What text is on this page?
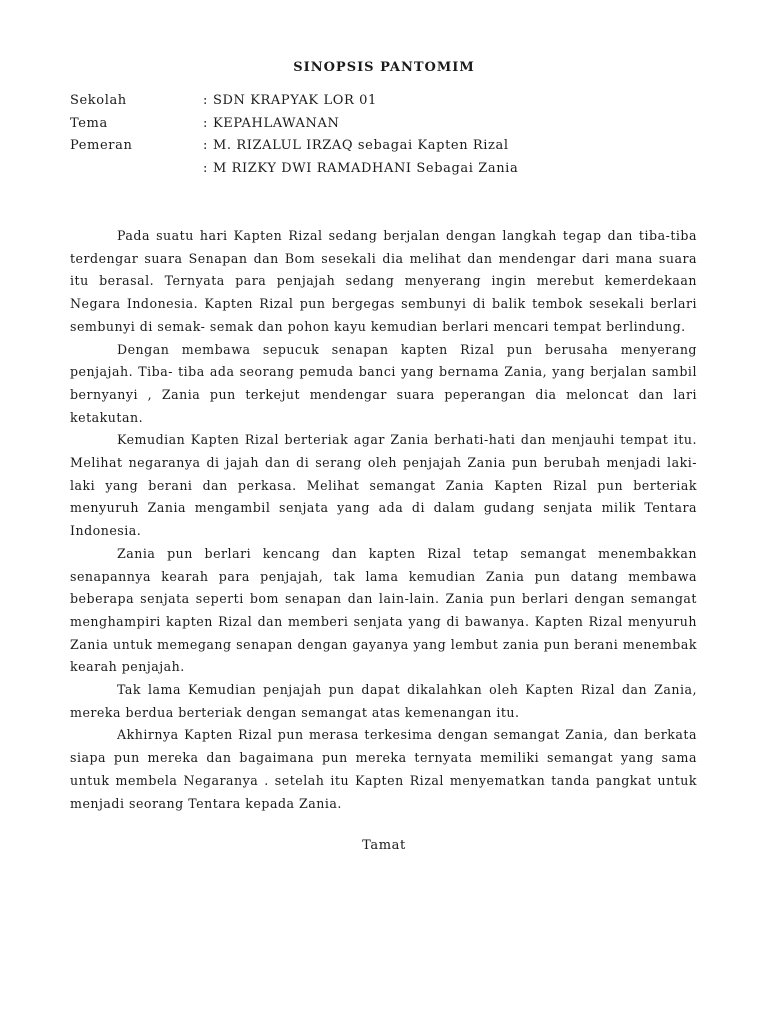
SINOPSIS PANTOMIM
Sekolah	: SDN KRAPYAK LOR 01
Tema	: KEPAHLAWANAN
Pemeran	: M. RIZALUL IRZAQ sebagai Kapten Rizal
: M RIZKY DWI RAMADHANI Sebagai Zania

Pada suatu hari Kapten Rizal sedang berjalan dengan langkah tegap dan tiba-tiba terdengar suara Senapan dan Bom sesekali dia melihat dan mendengar dari mana suara itu berasal. Ternyata para penjajah sedang menyerang ingin merebut kemerdekaan Negara Indonesia. Kapten Rizal pun bergegas sembunyi di balik tembok sesekali berlari sembunyi di semak- semak dan pohon kayu kemudian berlari mencari tempat berlindung.

Dengan membawa sepucuk senapan kapten Rizal pun berusaha menyerang penjajah. Tiba- tiba ada seorang pemuda banci yang bernama Zania, yang berjalan sambil bernyanyi , Zania pun terkejut mendengar suara peperangan dia meloncat dan lari ketakutan.

Kemudian Kapten Rizal berteriak agar Zania berhati-hati dan menjauhi tempat itu. Melihat negaranya di jajah dan di serang oleh penjajah Zania pun berubah menjadi laki-laki yang berani dan perkasa. Melihat semangat Zania Kapten Rizal pun berteriak menyuruh Zania mengambil senjata yang ada di dalam gudang senjata milik Tentara Indonesia.

Zania pun berlari kencang dan kapten Rizal tetap semangat menembakkan senapannya kearah para penjajah, tak lama kemudian Zania pun datang membawa beberapa senjata seperti bom senapan dan lain-lain. Zania pun berlari dengan semangat menghampiri kapten Rizal dan memberi senjata yang di bawanya. Kapten Rizal menyuruh Zania untuk memegang senapan dengan gayanya yang lembut zania pun berani menembak kearah penjajah.

Tak lama Kemudian penjajah pun dapat dikalahkan oleh Kapten Rizal dan Zania, mereka berdua berteriak dengan semangat atas kemenangan itu.

Akhirnya Kapten Rizal pun merasa terkesima dengan semangat Zania, dan berkata siapa pun mereka dan bagaimana pun mereka ternyata memiliki semangat yang sama untuk membela Negaranya . setelah itu Kapten Rizal menyematkan tanda pangkat untuk menjadi seorang Tentara kepada Zania.

Tamat
